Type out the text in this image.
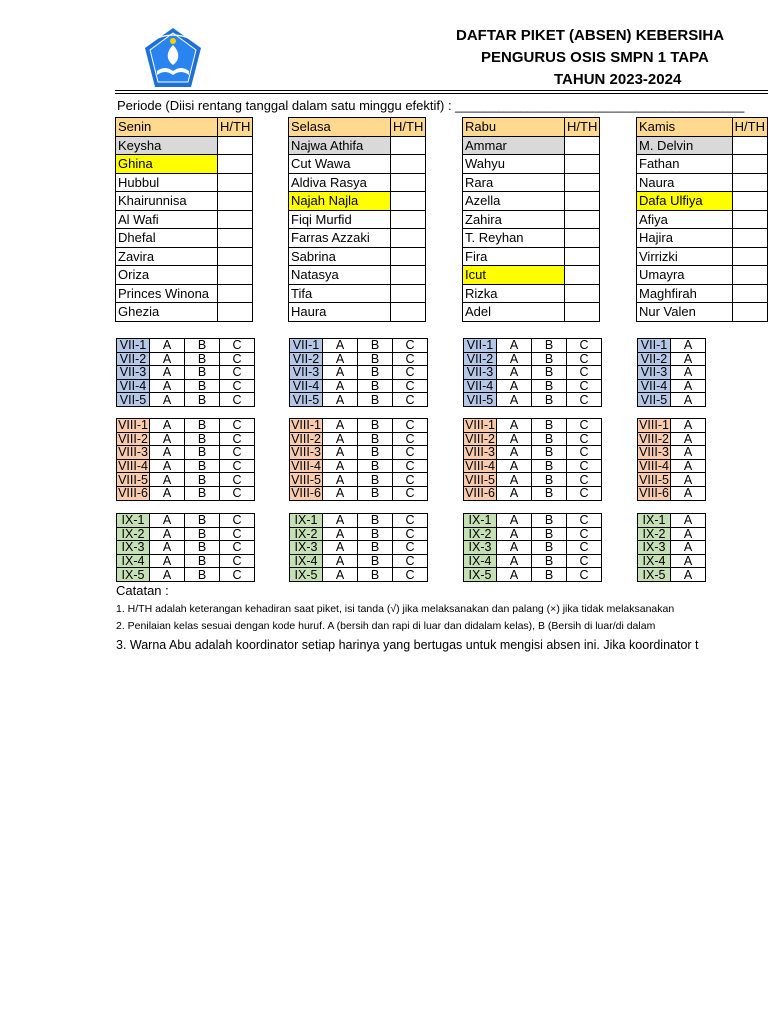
DAFTAR PIKET (ABSEN) KEBERSIHA
PENGURUS OSIS SMPN 1 TAPA
TAHUN 2023-2024
Periode (Diisi rentang tanggal dalam satu minggu efektif) : ________________________________________
Senin	H/TH
Keysha	
Ghina	
Hubbul	
Khairunnisa	
Al Wafi	
Dhefal	
Zavira	
Oriza	
Princes Winona	
Ghezia	
Selasa	H/TH
Najwa Athifa	
Cut Wawa	
Aldiva Rasya	
Najah Najla	
Fiqi Murfid	
Farras Azzaki	
Sabrina	
Natasya	
Tifa	
Haura	
Rabu	H/TH
Ammar	
Wahyu	
Rara	
Azella	
Zahira	
T. Reyhan	
Fira	
Icut	
Rizka	
Adel	
Kamis	H/TH
M. Delvin	
Fathan	
Naura	
Dafa Ulfiya	
Afiya	
Hajira	
Virrizki	
Umayra	
Maghfirah	
Nur Valen	
VII-1	A	B	C
VII-2	A	B	C
VII-3	A	B	C
VII-4	A	B	C
VII-5	A	B	C
VII-1	A	B	C
VII-2	A	B	C
VII-3	A	B	C
VII-4	A	B	C
VII-5	A	B	C
VII-1	A	B	C
VII-2	A	B	C
VII-3	A	B	C
VII-4	A	B	C
VII-5	A	B	C
VII-1	A
VII-2	A
VII-3	A
VII-4	A
VII-5	A
VIII-1	A	B	C
VIII-2	A	B	C
VIII-3	A	B	C
VIII-4	A	B	C
VIII-5	A	B	C
VIII-6	A	B	C
VIII-1	A	B	C
VIII-2	A	B	C
VIII-3	A	B	C
VIII-4	A	B	C
VIII-5	A	B	C
VIII-6	A	B	C
VIII-1	A	B	C
VIII-2	A	B	C
VIII-3	A	B	C
VIII-4	A	B	C
VIII-5	A	B	C
VIII-6	A	B	C
VIII-1	A
VIII-2	A
VIII-3	A
VIII-4	A
VIII-5	A
VIII-6	A
IX-1	A	B	C
IX-2	A	B	C
IX-3	A	B	C
IX-4	A	B	C
IX-5	A	B	C
IX-1	A	B	C
IX-2	A	B	C
IX-3	A	B	C
IX-4	A	B	C
IX-5	A	B	C
IX-1	A	B	C
IX-2	A	B	C
IX-3	A	B	C
IX-4	A	B	C
IX-5	A	B	C
IX-1	A
IX-2	A
IX-3	A
IX-4	A
IX-5	A
Catatan :
1. H/TH adalah keterangan kehadiran saat piket, isi tanda (√) jika melaksanakan dan palang (×) jika tidak melaksanakan
2. Penilaian kelas sesuai dengan kode huruf. A (bersih dan rapi di luar dan didalam kelas), B (Bersih di luar/di dalam
3. Warna Abu adalah koordinator setiap harinya yang bertugas untuk mengisi absen ini. Jika koordinator t
